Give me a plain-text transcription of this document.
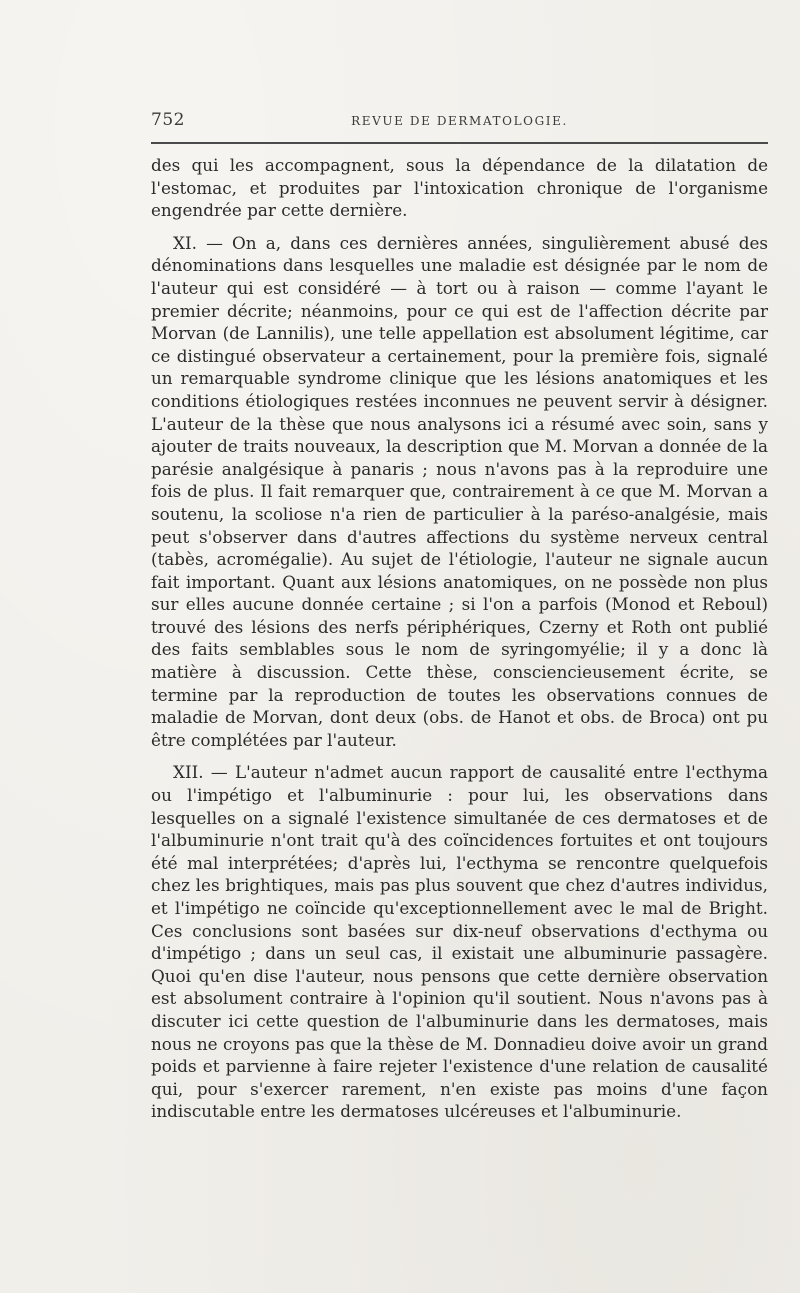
752	REVUE DE DERMATOLOGIE.

des qui les accompagnent, sous la dépendance de la dilatation de l'estomac, et produites par l'intoxication chronique de l'organisme engendrée par cette dernière.

XI. — On a, dans ces dernières années, singulièrement abusé des dénominations dans lesquelles une maladie est désignée par le nom de l'auteur qui est considéré — à tort ou à raison — comme l'ayant le premier décrite; néanmoins, pour ce qui est de l'affection décrite par Morvan (de Lannilis), une telle appellation est absolument légitime, car ce distingué observateur a certainement, pour la première fois, signalé un remarquable syndrome clinique que les lésions anatomiques et les conditions étiologiques restées inconnues ne peuvent servir à désigner. L'auteur de la thèse que nous analysons ici a résumé avec soin, sans y ajouter de traits nouveaux, la description que M. Morvan a donnée de la parésie analgésique à panaris ; nous n'avons pas à la reproduire une fois de plus. Il fait remarquer que, contrairement à ce que M. Morvan a soutenu, la scoliose n'a rien de particulier à la paréso-analgésie, mais peut s'observer dans d'autres affections du système nerveux central (tabès, acromégalie). Au sujet de l'étiologie, l'auteur ne signale aucun fait important. Quant aux lésions anatomiques, on ne possède non plus sur elles aucune donnée certaine ; si l'on a parfois (Monod et Reboul) trouvé des lésions des nerfs périphériques, Czerny et Roth ont publié des faits semblables sous le nom de syringomyélie; il y a donc là matière à discussion. Cette thèse, consciencieusement écrite, se termine par la reproduction de toutes les observations connues de maladie de Morvan, dont deux (obs. de Hanot et obs. de Broca) ont pu être complétées par l'auteur.

XII. — L'auteur n'admet aucun rapport de causalité entre l'ecthyma ou l'impétigo et l'albuminurie : pour lui, les observations dans lesquelles on a signalé l'existence simultanée de ces dermatoses et de l'albuminurie n'ont trait qu'à des coïncidences fortuites et ont toujours été mal interprétées; d'après lui, l'ecthyma se rencontre quelquefois chez les brightiques, mais pas plus souvent que chez d'autres individus, et l'impétigo ne coïncide qu'exceptionnellement avec le mal de Bright. Ces conclusions sont basées sur dix-neuf observations d'ecthyma ou d'impétigo ; dans un seul cas, il existait une albuminurie passagère. Quoi qu'en dise l'auteur, nous pensons que cette dernière observation est absolument contraire à l'opinion qu'il soutient. Nous n'avons pas à discuter ici cette question de l'albuminurie dans les dermatoses, mais nous ne croyons pas que la thèse de M. Donnadieu doive avoir un grand poids et parvienne à faire rejeter l'existence d'une relation de causalité qui, pour s'exercer rarement, n'en existe pas moins d'une façon indiscutable entre les dermatoses ulcéreuses et l'albuminurie.
